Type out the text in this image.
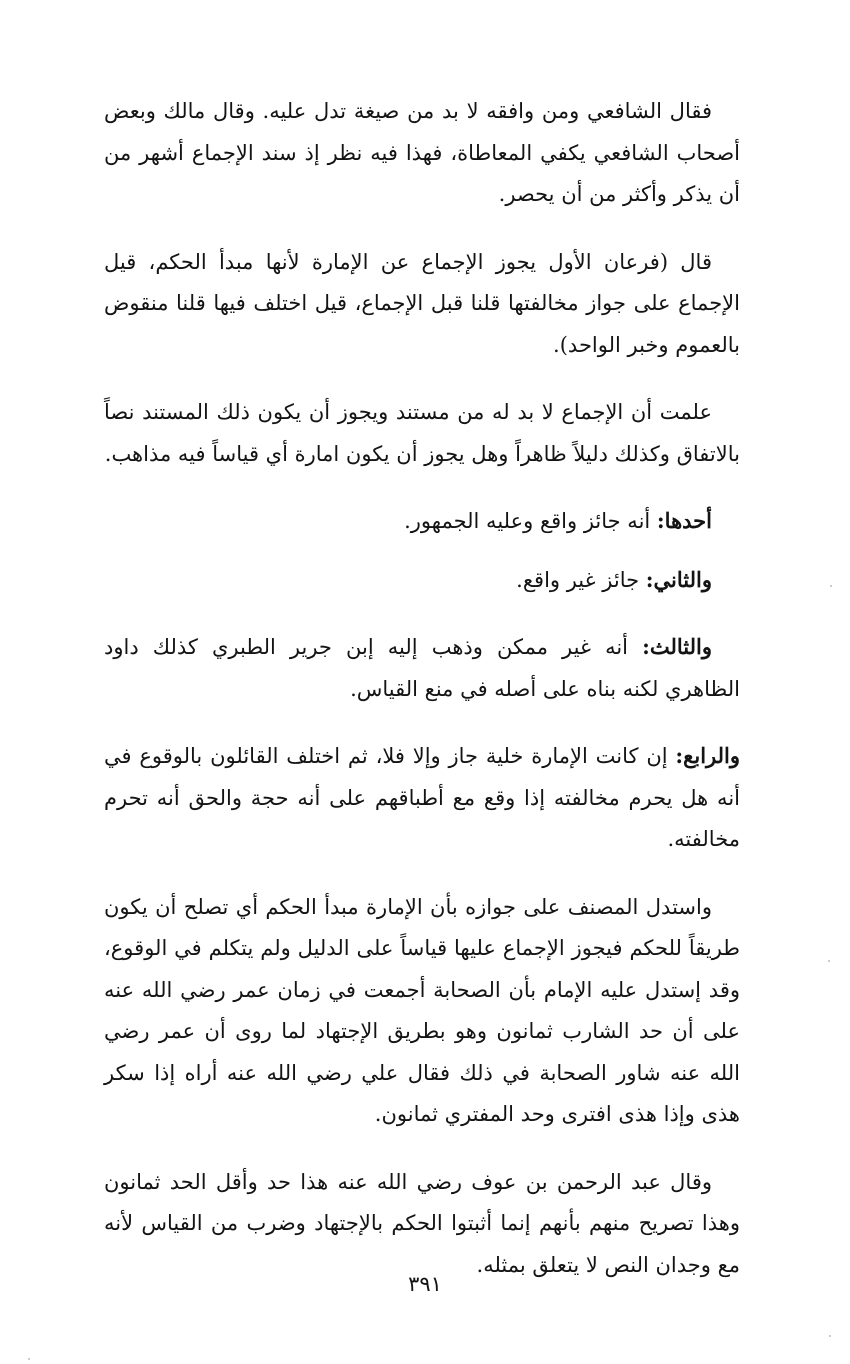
فقال الشافعي ومن وافقه لا بد من صيغة تدل عليه. وقال مالك وبعض أصحاب الشافعي يكفي المعاطاة، فهذا فيه نظر إذ سند الإجماع أشهر من أن يذكر وأكثر من أن يحصر.

قال (فرعان الأول يجوز الإجماع عن الإمارة لأنها مبدأ الحكم، قيل الإجماع على جواز مخالفتها قلنا قبل الإجماع، قيل اختلف فيها قلنا منقوض بالعموم وخبر الواحد).

علمت أن الإجماع لا بد له من مستند ويجوز أن يكون ذلك المستند نصاً بالاتفاق وكذلك دليلاً ظاهراً وهل يجوز أن يكون امارة أي قياساً فيه مذاهب.

أحدها: أنه جائز واقع وعليه الجمهور.

والثاني: جائز غير واقع.

والثالث: أنه غير ممكن وذهب إليه إبن جرير الطبري كذلك داود الظاهري لكنه بناه على أصله في منع القياس.

والرابع: إن كانت الإمارة خلية جاز وإلا فلا، ثم اختلف القائلون بالوقوع في أنه هل يحرم مخالفته إذا وقع مع أطباقهم على أنه حجة والحق أنه تحرم مخالفته.

واستدل المصنف على جوازه بأن الإمارة مبدأ الحكم أي تصلح أن يكون طريقاً للحكم فيجوز الإجماع عليها قياساً على الدليل ولم يتكلم في الوقوع، وقد إستدل عليه الإمام بأن الصحابة أجمعت في زمان عمر رضي الله عنه على أن حد الشارب ثمانون وهو بطريق الإجتهاد لما روى أن عمر رضي الله عنه شاور الصحابة في ذلك فقال علي رضي الله عنه أراه إذا سكر هذى وإذا هذى افترى وحد المفتري ثمانون.

وقال عبد الرحمن بن عوف رضي الله عنه هذا حد وأقل الحد ثمانون وهذا تصريح منهم بأنهم إنما أثبتوا الحكم بالإجتهاد وضرب من القياس لأنه مع وجدان النص لا يتعلق بمثله.

٣٩١
